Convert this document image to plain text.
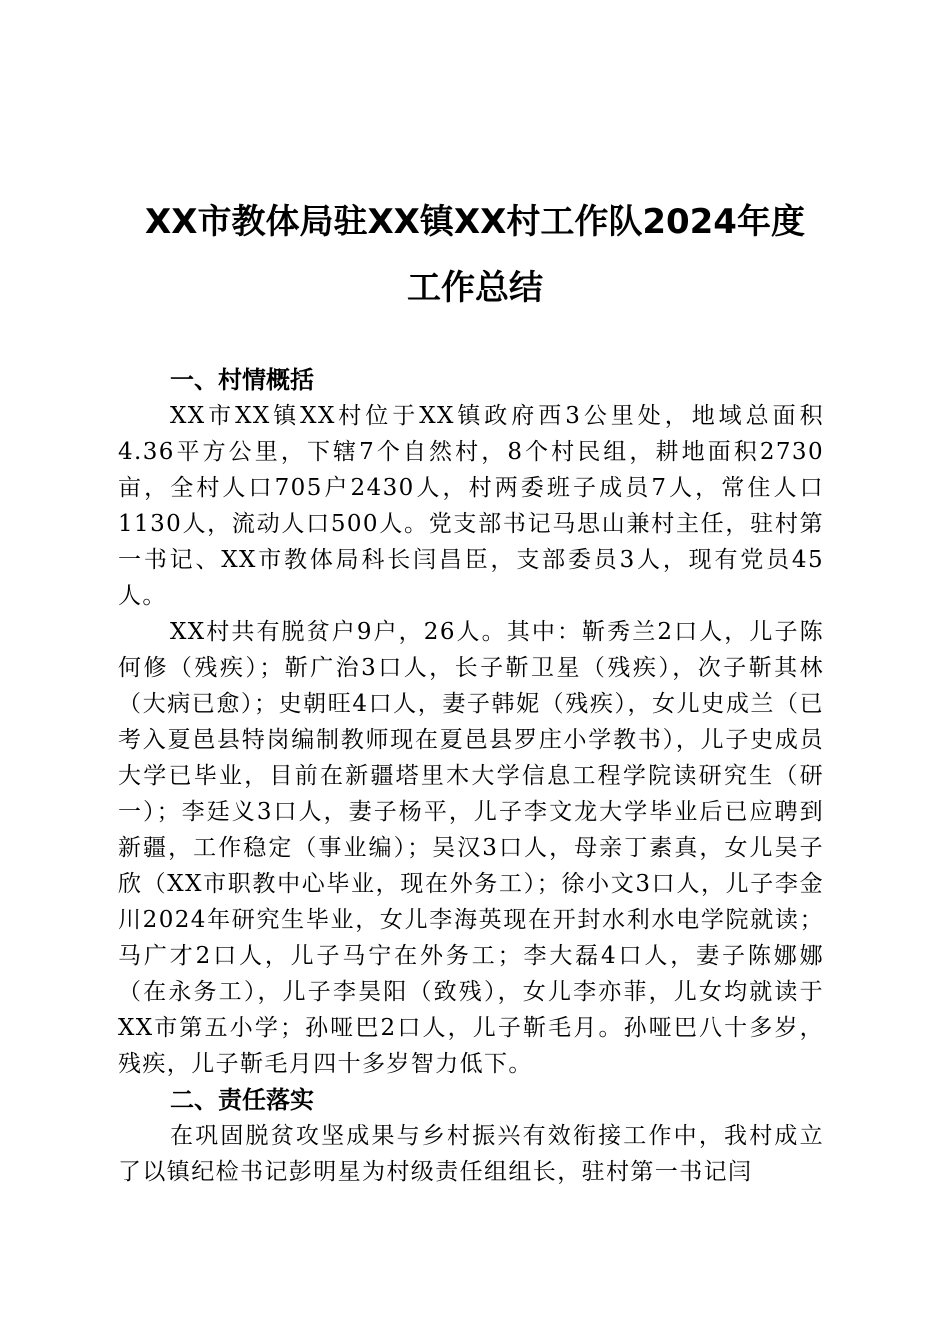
XX市教体局驻XX镇XX村工作队2024年度
工作总结
一、村情概括

XX市XX镇XX村位于XX镇政府西3公里处，地域总面积4.36平方公里，下辖7个自然村，8个村民组，耕地面积2730亩，全村人口705户2430人，村两委班子成员7人，常住人口1130人，流动人口500人。党支部书记马思山兼村主任，驻村第一书记、XX市教体局科长闫昌臣，支部委员3人，现有党员45人。

XX村共有脱贫户9户，26人。其中：靳秀兰2口人，儿子陈何修（残疾）；靳广治3口人，长子靳卫星（残疾），次子靳其林（大病已愈）；史朝旺4口人，妻子韩妮（残疾），女儿史成兰（已考入夏邑县特岗编制教师现在夏邑县罗庄小学教书），儿子史成员大学已毕业，目前在新疆塔里木大学信息工程学院读研究生（研一）；李廷义3口人，妻子杨平，儿子李文龙大学毕业后已应聘到新疆，工作稳定（事业编）；吴汉3口人，母亲丁素真，女儿吴子欣（XX市职教中心毕业，现在外务工）；徐小文3口人，儿子李金川2024年研究生毕业，女儿李海英现在开封水利水电学院就读；马广才2口人，儿子马宁在外务工；李大磊4口人，妻子陈娜娜（在永务工），儿子李昊阳（致残），女儿李亦菲，儿女均就读于XX市第五小学；孙哑巴2口人，儿子靳毛月。孙哑巴八十多岁，残疾，儿子靳毛月四十多岁智力低下。

二、责任落实

在巩固脱贫攻坚成果与乡村振兴有效衔接工作中，我村成立了以镇纪检书记彭明星为村级责任组组长，驻村第一书记闫
